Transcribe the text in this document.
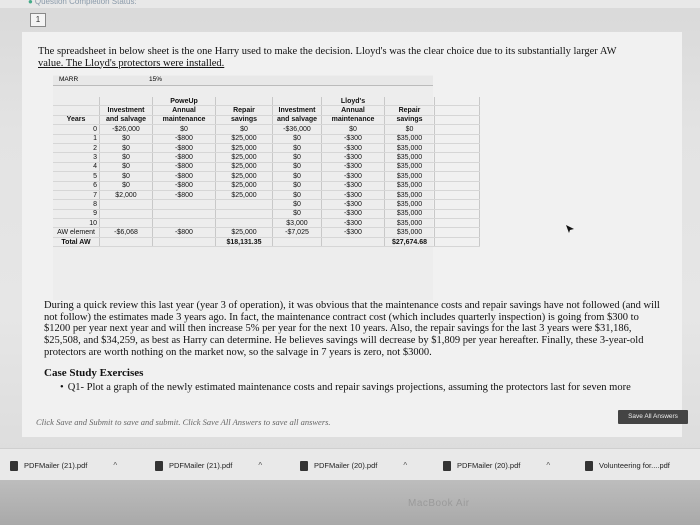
● Question Completion Status:
1
The spreadsheet in below sheet is the one Harry used to make the decision. Lloyd's was the clear choice due to its substantially larger AW
value. The Lloyd's protectors were installed.
MARR	15%
		PoweUp			Lloyd's		
	Investment	Annual	Repair	Investment	Annual	Repair	
Years	and salvage	maintenance	savings	and salvage	maintenance	savings	
0	-$26,000	$0	$0	-$36,000	$0	$0	
1	$0	-$800	$25,000	$0	-$300	$35,000	
2	$0	-$800	$25,000	$0	-$300	$35,000	
3	$0	-$800	$25,000	$0	-$300	$35,000	
4	$0	-$800	$25,000	$0	-$300	$35,000	
5	$0	-$800	$25,000	$0	-$300	$35,000	
6	$0	-$800	$25,000	$0	-$300	$35,000	
7	$2,000	-$800	$25,000	$0	-$300	$35,000	
8				$0	-$300	$35,000	
9				$0	-$300	$35,000	
10				$3,000	-$300	$35,000	
AW element	-$6,068	-$800	$25,000	-$7,025	-$300	$35,000	
Total AW			$18,131.35			$27,674.68	
During a quick review this last year (year 3 of operation), it was obvious that the maintenance costs and repair savings have not followed (and will not follow) the estimates made 3 years ago. In fact, the maintenance contract cost (which includes quarterly inspection) is going from $300 to $1200 per year next year and will then increase 5% per year for the next 10 years. Also, the repair savings for the last 3 years were $31,186, $25,508, and $34,259, as best as Harry can determine. He believes savings will decrease by $1,809 per year hereafter. Finally, these 3-year-old protectors are worth nothing on the market now, so the salvage in 7 years is zero, not $3000.
Case Study Exercises
• Q1- Plot a graph of the newly estimated maintenance costs and repair savings projections, assuming the protectors last for seven more
Click Save and Submit to save and submit. Click Save All Answers to save all answers.
Save All Answers
PDFMailer (21).pdf	^	PDFMailer (21).pdf	^	PDFMailer (20).pdf	^	PDFMailer (20).pdf	^	Volunteering for....pdf
MacBook Air
